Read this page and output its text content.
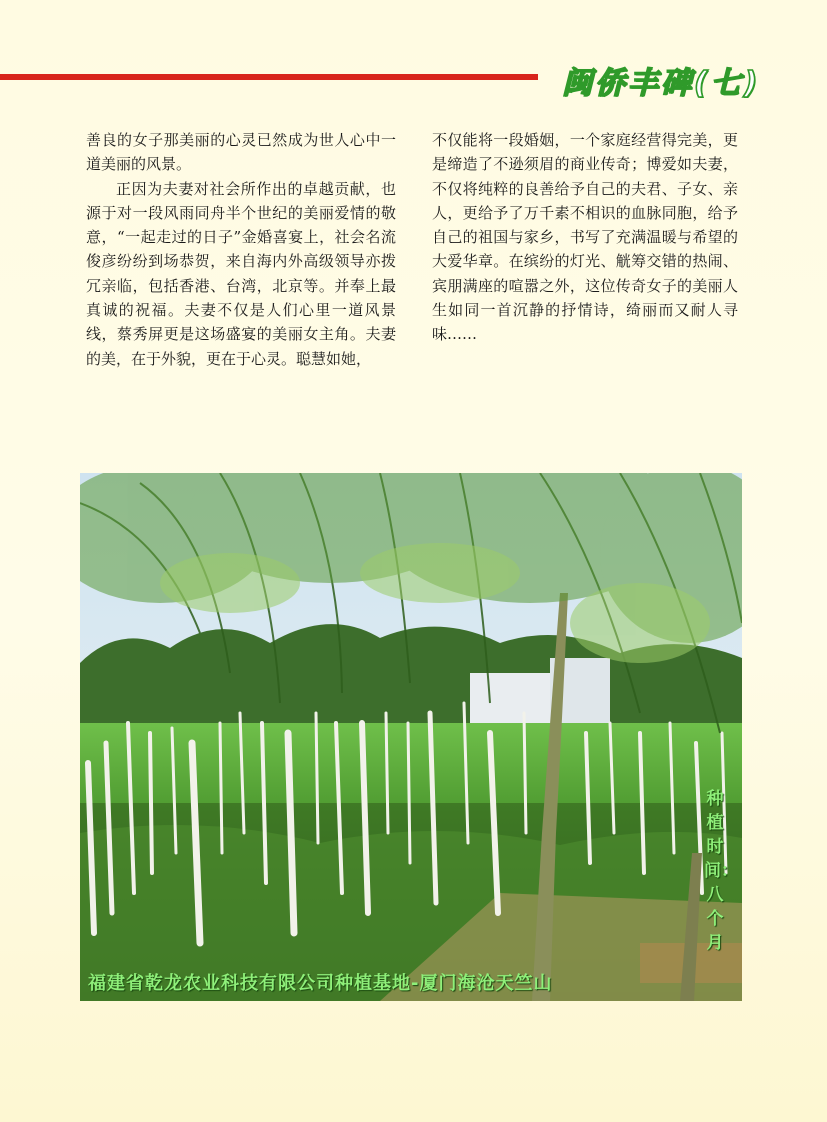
闽侨丰碑(七)

善良的女子那美丽的心灵已然成为世人心中一道美丽的风景。

正因为夫妻对社会所作出的卓越贡献，也源于对一段风雨同舟半个世纪的美丽爱情的敬意，“一起走过的日子”金婚喜宴上，社会名流俊彦纷纷到场恭贺，来自海内外高级领导亦拨冗亲临，包括香港、台湾，北京等。并奉上最真诚的祝福。夫妻不仅是人们心里一道风景线，蔡秀屏更是这场盛宴的美丽女主角。夫妻的美，在于外貌，更在于心灵。聪慧如她，

不仅能将一段婚姻，一个家庭经营得完美，更是缔造了不逊须眉的商业传奇；博爱如夫妻，不仅将纯粹的良善给予自己的夫君、子女、亲人，更给予了万千素不相识的血脉同胞，给予自己的祖国与家乡，书写了充满温暖与希望的大爱华章。在缤纷的灯光、觥筹交错的热闹、宾朋满座的喧嚣之外，这位传奇女子的美丽人生如同一首沉静的抒情诗，绮丽而又耐人寻味……

福建省乾龙农业科技有限公司种植基地-厦门海沧天竺山
种植时间：八个月
